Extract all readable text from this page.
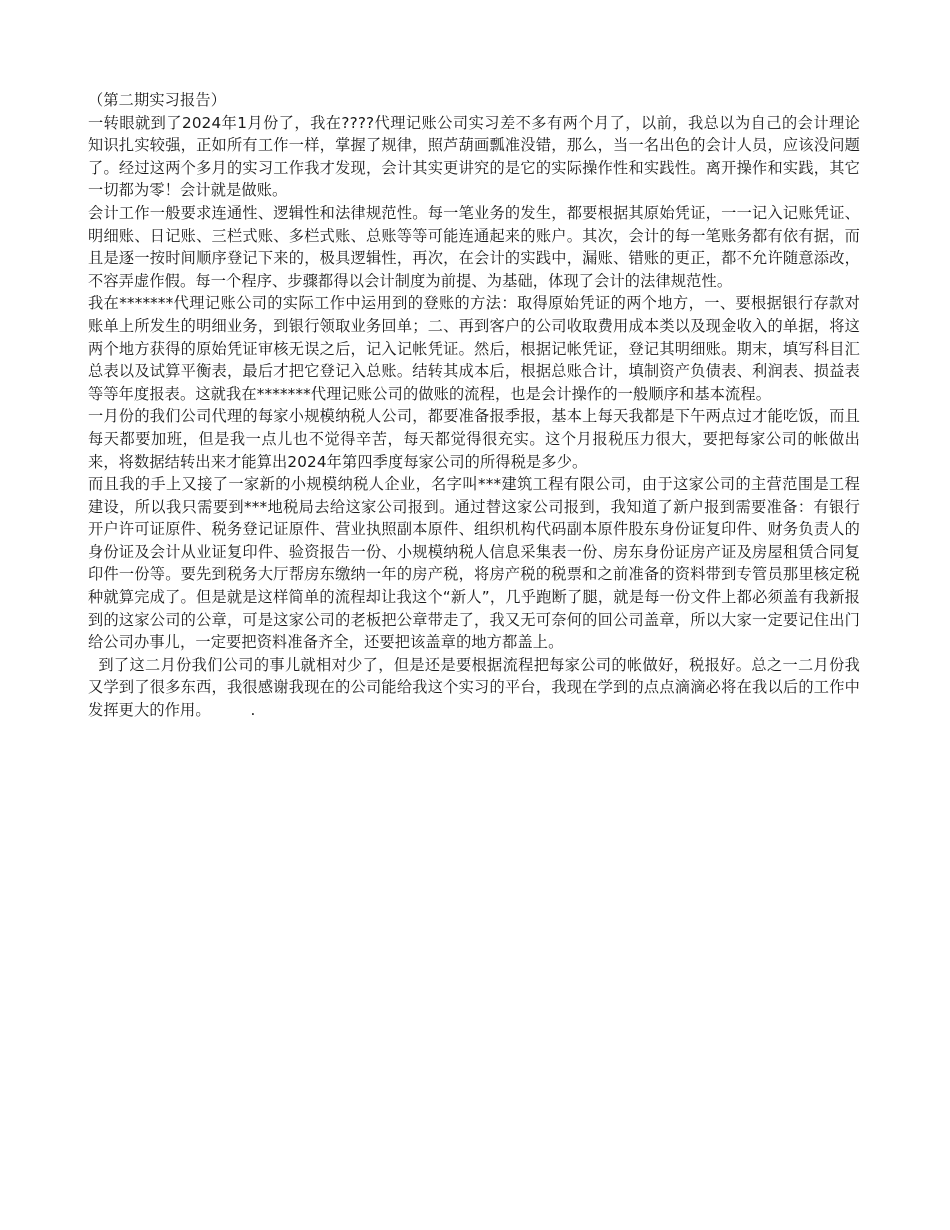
（第二期实习报告）

一转眼就到了2024年1月份了，我在????代理记账公司实习差不多有两个月了，以前，我总以为自己的会计理论知识扎实较强，正如所有工作一样，掌握了规律，照芦葫画瓢准没错，那么，当一名出色的会计人员，应该没问题了。经过这两个多月的实习工作我才发现，会计其实更讲究的是它的实际操作性和实践性。离开操作和实践，其它一切都为零！会计就是做账。

会计工作一般要求连通性、逻辑性和法律规范性。每一笔业务的发生，都要根据其原始凭证，一一记入记账凭证、明细账、日记账、三栏式账、多栏式账、总账等等可能连通起来的账户。其次，会计的每一笔账务都有依有据，而且是逐一按时间顺序登记下来的，极具逻辑性，再次，在会计的实践中，漏账、错账的更正，都不允许随意添改，不容弄虚作假。每一个程序、步骤都得以会计制度为前提、为基础，体现了会计的法律规范性。

我在*******代理记账公司的实际工作中运用到的登账的方法：取得原始凭证的两个地方，一、要根据银行存款对账单上所发生的明细业务，到银行领取业务回单；二、再到客户的公司收取费用成本类以及现金收入的单据，将这两个地方获得的原始凭证审核无误之后，记入记帐凭证。然后，根据记帐凭证，登记其明细账。期末，填写科目汇总表以及试算平衡表，最后才把它登记入总账。结转其成本后，根据总账合计，填制资产负债表、利润表、损益表等等年度报表。这就我在*******代理记账公司的做账的流程，也是会计操作的一般顺序和基本流程。

一月份的我们公司代理的每家小规模纳税人公司，都要准备报季报，基本上每天我都是下午两点过才能吃饭，而且每天都要加班，但是我一点儿也不觉得辛苦，每天都觉得很充实。这个月报税压力很大，要把每家公司的帐做出来，将数据结转出来才能算出2024年第四季度每家公司的所得税是多少。

而且我的手上又接了一家新的小规模纳税人企业，名字叫***建筑工程有限公司，由于这家公司的主营范围是工程建设，所以我只需要到***地税局去给这家公司报到。通过替这家公司报到，我知道了新户报到需要准备：有银行开户许可证原件、税务登记证原件、营业执照副本原件、组织机构代码副本原件股东身份证复印件、财务负责人的身份证及会计从业证复印件、验资报告一份、小规模纳税人信息采集表一份、房东身份证房产证及房屋租赁合同复印件一份等。要先到税务大厅帮房东缴纳一年的房产税，将房产税的税票和之前准备的资料带到专管员那里核定税种就算完成了。但是就是这样简单的流程却让我这个“新人”，几乎跑断了腿，就是每一份文件上都必须盖有我新报到的这家公司的公章，可是这家公司的老板把公章带走了，我又无可奈何的回公司盖章，所以大家一定要记住出门给公司办事儿，一定要把资料准备齐全，还要把该盖章的地方都盖上。

到了这二月份我们公司的事儿就相对少了，但是还是要根据流程把每家公司的帐做好，税报好。总之一二月份我又学到了很多东西，我很感谢我现在的公司能给我这个实习的平台，我现在学到的点点滴滴必将在我以后的工作中发挥更大的作用。        .
